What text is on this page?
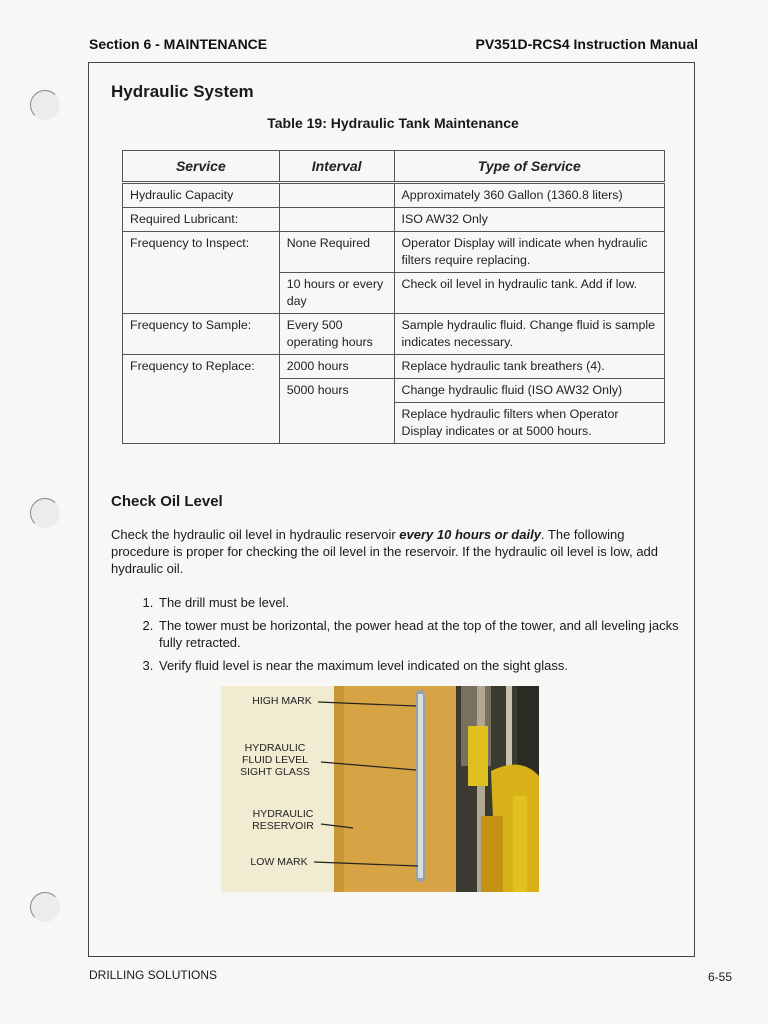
Section 6 - MAINTENANCE	PV351D-RCS4 Instruction Manual
Hydraulic System
Table 19: Hydraulic Tank Maintenance
Service	Interval	Type of Service
Hydraulic Capacity		Approximately 360 Gallon (1360.8 liters)
Required Lubricant:		ISO AW32 Only
Frequency to Inspect:	None Required	Operator Display will indicate when hydraulic filters require replacing.
	10 hours or every day	Check oil level in hydraulic tank. Add if low.
Frequency to Sample:	Every 500 operating hours	Sample hydraulic fluid. Change fluid is sample indicates necessary.
Frequency to Replace:	2000 hours	Replace hydraulic tank breathers (4).
	5000 hours	Change hydraulic fluid (ISO AW32 Only)
		Replace hydraulic filters when Operator Display indicates or at 5000 hours.
Check Oil Level
Check the hydraulic oil level in hydraulic reservoir every 10 hours or daily. The following procedure is proper for checking the oil level in the reservoir. If the hydraulic oil level is low, add hydraulic oil.
1. The drill must be level.
2. The tower must be horizontal, the power head at the top of the tower, and all leveling jacks fully retracted.
3. Verify fluid level is near the maximum level indicated on the sight glass.
HIGH MARK
HYDRAULIC FLUID LEVEL SIGHT GLASS
HYDRAULIC RESERVOIR
LOW MARK
DRILLING SOLUTIONS	6-55
